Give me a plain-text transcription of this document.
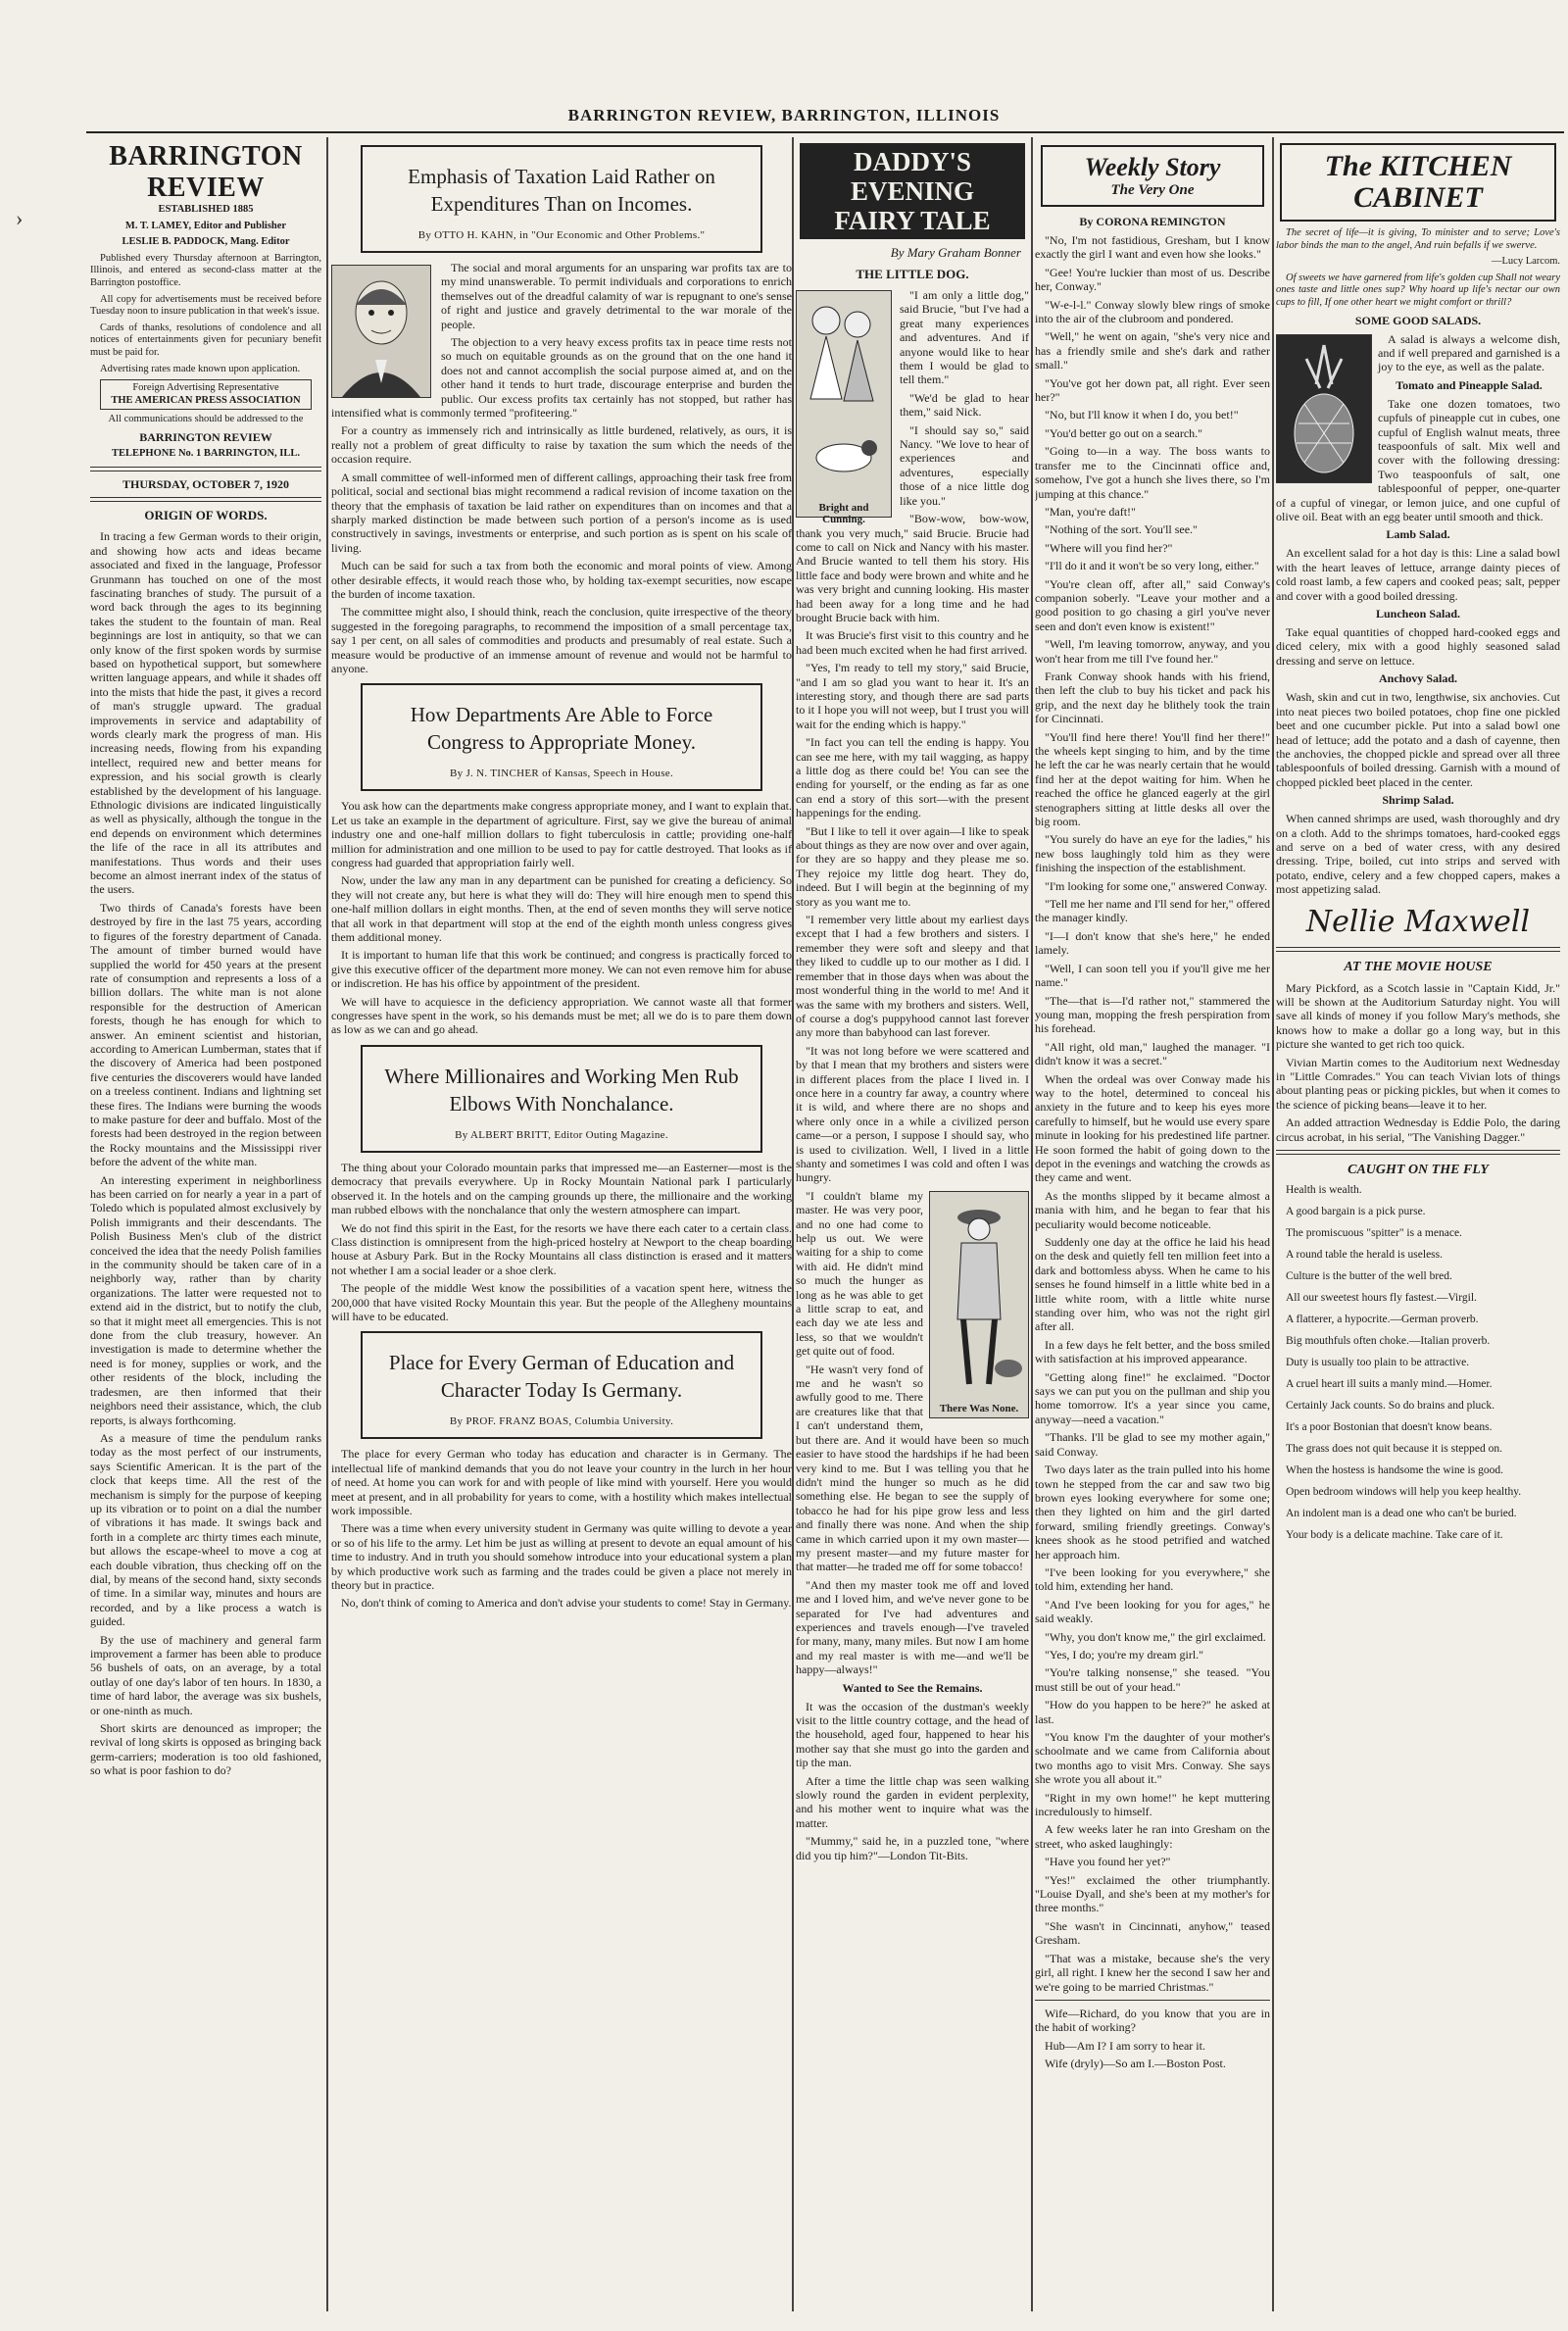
›
BARRINGTON REVIEW, BARRINGTON, ILLINOIS
BARRINGTON REVIEW

ESTABLISHED 1885

M. T. LAMEY, Editor and Publisher

LESLIE B. PADDOCK, Mang. Editor

Published every Thursday afternoon at Barrington, Illinois, and entered as second-class matter at the Barrington postoffice.

All copy for advertisements must be received before Tuesday noon to insure publication in that week's issue.

Cards of thanks, resolutions of condolence and all notices of entertainments given for pecuniary benefit must be paid for.

Advertising rates made known upon application.

Foreign Advertising Representative
THE AMERICAN PRESS ASSOCIATION

All communications should be addressed to the

BARRINGTON REVIEW

TELEPHONE No. 1 BARRINGTON, ILL.

THURSDAY, OCTOBER 7, 1920

ORIGIN OF WORDS.

In tracing a few German words to their origin, and showing how acts and ideas became associated and fixed in the language, Professor Grunmann has touched on one of the most fascinating branches of study. The pursuit of a word back through the ages to its beginning takes the student to the fountain of man. Real beginnings are lost in antiquity, so that we can only know of the first spoken words by surmise based on hypothetical support, but somewhere written language appears, and while it shades off into the mists that hide the past, it gives a record of man's struggle upward. The gradual improvements in service and adaptability of words clearly mark the progress of man. His increasing needs, flowing from his expanding intellect, required new and better means for expression, and his social growth is clearly established by the development of his language. Ethnologic divisions are indicated linguistically as well as physically, although the tongue in the end depends on environment which determines the life of the race in all its attributes and manifestations. Thus words and their uses become an almost inerrant index of the status of the users.

Two thirds of Canada's forests have been destroyed by fire in the last 75 years, according to figures of the forestry department of Canada. The amount of timber burned would have supplied the world for 450 years at the present rate of consumption and represents a loss of a billion dollars. The white man is not alone responsible for the destruction of American forests, though he has enough for which to answer. An eminent scientist and historian, according to American Lumberman, states that if the discovery of America had been postponed five centuries the discoverers would have landed on a treeless continent. Indians and lightning set these fires. The Indians were burning the woods to make pasture for deer and buffalo. Most of the forests had been destroyed in the region between the Rocky mountains and the Mississippi river before the advent of the white man.

An interesting experiment in neighborliness has been carried on for nearly a year in a part of Toledo which is populated almost exclusively by Polish immigrants and their descendants. The Polish Business Men's club of the district conceived the idea that the needy Polish families in the community should be taken care of in a neighborly way, rather than by charity organizations. The latter were requested not to extend aid in the district, but to notify the club, so that it might meet all emergencies. This is not done from the club treasury, however. An investigation is made to determine whether the need is for money, supplies or work, and the other residents of the block, including the tradesmen, are then informed that their neighbors need their assistance, which, the club reports, is always forthcoming.

As a measure of time the pendulum ranks today as the most perfect of our instruments, says Scientific American. It is the part of the clock that keeps time. All the rest of the mechanism is simply for the purpose of keeping up its vibration or to point on a dial the number of vibrations it has made. It swings back and forth in a complete arc thirty times each minute, but allows the escape-wheel to move a cog at each double vibration, thus checking off on the dial, by means of the second hand, sixty seconds of time. In a similar way, minutes and hours are recorded, and by a like process a watch is guided.

By the use of machinery and general farm improvement a farmer has been able to produce 56 bushels of oats, on an average, by a total outlay of one day's labor of ten hours. In 1830, a time of hard labor, the average was six bushels, or one-ninth as much.

Short skirts are denounced as improper; the revival of long skirts is opposed as bringing back germ-carriers; moderation is too old fashioned, so what is poor fashion to do?

Emphasis of Taxation Laid Rather on Expenditures Than on Incomes.
By OTTO H. KAHN, in "Our Economic and Other Problems."

The social and moral arguments for an unsparing war profits tax are to my mind unanswerable. To permit individuals and corporations to enrich themselves out of the dreadful calamity of war is repugnant to one's sense of right and justice and gravely detrimental to the war morale of the people.

The objection to a very heavy excess profits tax in peace time rests not so much on equitable grounds as on the ground that on the one hand it does not and cannot accomplish the social purpose aimed at, and on the other hand it tends to hurt trade, discourage enterprise and burden the public. Our excess profits tax certainly has not stopped, but rather has intensified what is commonly termed "profiteering."

For a country as immensely rich and intrinsically as little burdened, relatively, as ours, it is really not a problem of great difficulty to raise by taxation the sum which the needs of the occasion require.

A small committee of well-informed men of different callings, approaching their task free from political, social and sectional bias might recommend a radical revision of income taxation on the theory that the emphasis of taxation be laid rather on expenditures than on incomes and that a sharply marked distinction be made between such portion of a person's income as is used constructively in savings, investments or enterprise, and such portion as is spent on his scale of living.

Much can be said for such a tax from both the economic and moral points of view. Among other desirable effects, it would reach those who, by holding tax-exempt securities, now escape the burden of income taxation.

The committee might also, I should think, reach the conclusion, quite irrespective of the theory suggested in the foregoing paragraphs, to recommend the imposition of a small percentage tax, say 1 per cent, on all sales of commodities and products and presumably of real estate. Such a measure would be productive of an immense amount of revenue and would not be harmful to anyone.

How Departments Are Able to Force Congress to Appropriate Money.
By J. N. TINCHER of Kansas, Speech in House.

You ask how can the departments make congress appropriate money, and I want to explain that. Let us take an example in the department of agriculture. First, say we give the bureau of animal industry one and one-half million dollars to fight tuberculosis in cattle; providing one-half million for administration and one million to be used to pay for cattle destroyed. That looks as if congress had guarded that appropriation fairly well.

Now, under the law any man in any department can be punished for creating a deficiency. So they will not create any, but here is what they will do: They will hire enough men to spend this one-half million dollars in eight months. Then, at the end of seven months they will serve notice that all work in that department will stop at the end of the eighth month unless congress gives them additional money.

It is important to human life that this work be continued; and congress is practically forced to give this executive officer of the department more money. We can not even remove him for abuse or indiscretion. He has his office by appointment of the president.

We will have to acquiesce in the deficiency appropriation. We cannot waste all that former congresses have spent in the work, so his demands must be met; all we do is to pare them down as low as we can and go ahead.

Where Millionaires and Working Men Rub Elbows With Nonchalance.
By ALBERT BRITT, Editor Outing Magazine.

The thing about your Colorado mountain parks that impressed me—an Easterner—most is the democracy that prevails everywhere. Up in Rocky Mountain National park I particularly observed it. In the hotels and on the camping grounds up there, the millionaire and the working man rubbed elbows with the nonchalance that only the western atmosphere can impart.

We do not find this spirit in the East, for the resorts we have there each cater to a certain class. Class distinction is omnipresent from the high-priced hostelry at Newport to the cheap boarding house at Asbury Park. But in the Rocky Mountains all class distinction is erased and it matters not whether I am a social leader or a shoe clerk.

The people of the middle West know the possibilities of a vacation spent here, witness the 200,000 that have visited Rocky Mountain this year. But the people of the Allegheny mountains will have to be educated.

Place for Every German of Education and Character Today Is Germany.
By PROF. FRANZ BOAS, Columbia University.

The place for every German who today has education and character is in Germany. The intellectual life of mankind demands that you do not leave your country in the lurch in her hour of need. At home you can work for and with people of like mind with yourself. Here you would meet at present, and in all probability for years to come, with a hostility which makes intellectual work impossible.

There was a time when every university student in Germany was quite willing to devote a year or so of his life to the army. Let him be just as willing at present to devote an equal amount of his time to industry. And in truth you should somehow introduce into your educational system a plan by which productive work such as farming and the trades could be given a place not merely in theory but in practice.

No, don't think of coming to America and don't advise your students to come! Stay in Germany.

DADDY'S EVENING
FAIRY TALE
By Mary Graham Bonner
THE LITTLE DOG.
Bright and Cunning.

"I am only a little dog," said Brucie, "but I've had a great many experiences and adventures. And if anyone would like to hear them I would be glad to tell them."

"We'd be glad to hear them," said Nick.

"I should say so," said Nancy. "We love to hear of experiences and adventures, especially those of a nice little dog like you."

"Bow-wow, bow-wow, thank you very much," said Brucie. Brucie had come to call on Nick and Nancy with his master. And Brucie wanted to tell them his story. His little face and body were brown and white and he was very bright and cunning looking. His master had been away for a long time and he had brought Brucie back with him.

It was Brucie's first visit to this country and he had been much excited when he had first arrived.

"Yes, I'm ready to tell my story," said Brucie, "and I am so glad you want to hear it. It's an interesting story, and though there are sad parts to it I hope you will not weep, but I trust you will wait for the ending which is happy."

"In fact you can tell the ending is happy. You can see me here, with my tail wagging, as happy a little dog as there could be! You can see the ending for yourself, or the ending as far as one can end a story of this sort—with the present happenings for the ending.

"But I like to tell it over again—I like to speak about things as they are now over and over again, for they are so happy and they please me so. They rejoice my little dog heart. They do, indeed. But I will begin at the beginning of my story as you want me to.

"I remember very little about my earliest days except that I had a few brothers and sisters. I remember they were soft and sleepy and that they liked to cuddle up to our mother as I did. I remember that in those days when was about the most wonderful thing in the world to me! And it was the same with my brothers and sisters. Well, of course a dog's puppyhood cannot last forever any more than babyhood can last forever.

"It was not long before we were scattered and by that I mean that my brothers and sisters were in different places from the place I lived in. I once here in a country far away, a country where it is wild, and where there are no shops and where only once in a while a civilized person came—or a person, I suppose I should say, who is used to civilization. Well, I lived in a little shanty and sometimes I was cold and often I was hungry.

There Was None.

"I couldn't blame my master. He was very poor, and no one had come to help us out. We were waiting for a ship to come with aid. He didn't mind so much the hunger as long as he was able to get a little scrap to eat, and each day we ate less and less, so that we wouldn't get quite out of food.

"He wasn't very fond of me and he wasn't so awfully good to me. There are creatures like that that I can't understand them, but there are. And it would have been so much easier to have stood the hardships if he had been very kind to me. But I was telling you that he didn't mind the hunger so much as he did something else. He began to see the supply of tobacco he had for his pipe grow less and less and finally there was none. And when the ship came in which carried upon it my own master—my present master—and my future master for that matter—he traded me off for some tobacco!

"And then my master took me off and loved me and I loved him, and we've never gone to be separated for I've had adventures and experiences and travels enough—I've traveled for many, many, many miles. But now I am home and my real master is with me—and we'll be happy—always!"

Wanted to See the Remains.

It was the occasion of the dustman's weekly visit to the little country cottage, and the head of the household, aged four, happened to hear his mother say that she must go into the garden and tip the man.

After a time the little chap was seen walking slowly round the garden in evident perplexity, and his mother went to inquire what was the matter.

"Mummy," said he, in a puzzled tone, "where did you tip him?"—London Tit-Bits.

Weekly Story
The Very One
By CORONA REMINGTON

"No, I'm not fastidious, Gresham, but I know exactly the girl I want and even how she looks."

"Gee! You're luckier than most of us. Describe her, Conway."

"W-e-l-l." Conway slowly blew rings of smoke into the air of the clubroom and pondered.

"Well," he went on again, "she's very nice and has a friendly smile and she's dark and rather small."

"You've got her down pat, all right. Ever seen her?"

"No, but I'll know it when I do, you bet!"

"You'd better go out on a search."

"Going to—in a way. The boss wants to transfer me to the Cincinnati office and, somehow, I've got a hunch she lives there, so I'm jumping at this chance."

"Man, you're daft!"

"Nothing of the sort. You'll see."

"Where will you find her?"

"I'll do it and it won't be so very long, either."

"You're clean off, after all," said Conway's companion soberly. "Leave your mother and a good position to go chasing a girl you've never seen and don't even know is existent!"

"Well, I'm leaving tomorrow, anyway, and you won't hear from me till I've found her."

Frank Conway shook hands with his friend, then left the club to buy his ticket and pack his grip, and the next day he blithely took the train for Cincinnati.

"You'll find here there! You'll find her there!" the wheels kept singing to him, and by the time he left the car he was nearly certain that he would find her at the depot waiting for him. When he reached the office he glanced eagerly at the girl stenographers sitting at little desks all over the big room.

"You surely do have an eye for the ladies," his new boss laughingly told him as they were finishing the inspection of the establishment.

"I'm looking for some one," answered Conway.

"Tell me her name and I'll send for her," offered the manager kindly.

"I—I don't know that she's here," he ended lamely.

"Well, I can soon tell you if you'll give me her name."

"The—that is—I'd rather not," stammered the young man, mopping the fresh perspiration from his forehead.

"All right, old man," laughed the manager. "I didn't know it was a secret."

When the ordeal was over Conway made his way to the hotel, determined to conceal his anxiety in the future and to keep his eyes more carefully to himself, but he would use every spare minute in looking for his predestined life partner. He soon formed the habit of going down to the depot in the evenings and watching the crowds as they came and went.

As the months slipped by it became almost a mania with him, and he began to fear that his peculiarity would become noticeable.

Suddenly one day at the office he laid his head on the desk and quietly fell ten million feet into a dark and bottomless abyss. When he came to his senses he found himself in a little white bed in a little white room, with a little white nurse standing over him, who was not the right girl after all.

In a few days he felt better, and the boss smiled with satisfaction at his improved appearance.

"Getting along fine!" he exclaimed. "Doctor says we can put you on the pullman and ship you home tomorrow. It's a year since you came, anyway—need a vacation."

"Thanks. I'll be glad to see my mother again," said Conway.

Two days later as the train pulled into his home town he stepped from the car and saw two big brown eyes looking everywhere for some one; then they lighted on him and the girl darted forward, smiling friendly greetings. Conway's knees shook as he stood petrified and watched her approach him.

"I've been looking for you everywhere," she told him, extending her hand.

"And I've been looking for you for ages," he said weakly.

"Why, you don't know me," the girl exclaimed.

"Yes, I do; you're my dream girl."

"You're talking nonsense," she teased. "You must still be out of your head."

"How do you happen to be here?" he asked at last.

"You know I'm the daughter of your mother's schoolmate and we came from California about two months ago to visit Mrs. Conway. She says she wrote you all about it."

"Right in my own home!" he kept muttering incredulously to himself.

A few weeks later he ran into Gresham on the street, who asked laughingly:

"Have you found her yet?"

"Yes!" exclaimed the other triumphantly. "Louise Dyall, and she's been at my mother's for three months."

"She wasn't in Cincinnati, anyhow," teased Gresham.

"That was a mistake, because she's the very girl, all right. I knew her the second I saw her and we're going to be married Christmas."

Wife—Richard, do you know that you are in the habit of working?

Hub—Am I? I am sorry to hear it.

Wife (dryly)—So am I.—Boston Post.

The KITCHEN
CABINET

The secret of life—it is giving, To minister and to serve; Love's labor binds the man to the angel, And ruin befalls if we swerve.

—Lucy Larcom.

Of sweets we have garnered from life's golden cup Shall not weary ones taste and little ones sup? Why hoard up life's nectar our own cups to fill, If one other heart we might comfort or thrill?

SOME GOOD SALADS.

A salad is always a welcome dish, and if well prepared and garnished is a joy to the eye, as well as the palate.

Tomato and Pineapple Salad.

Take one dozen tomatoes, two cupfuls of pineapple cut in cubes, one cupful of English walnut meats, three teaspoonfuls of salt. Mix well and cover with the following dressing: Two teaspoonfuls of salt, one tablespoonful of pepper, one-quarter of a cupful of vinegar, or lemon juice, and one cupful of olive oil. Beat with an egg beater until smooth and thick.

Lamb Salad.

An excellent salad for a hot day is this: Line a salad bowl with the heart leaves of lettuce, arrange dainty pieces of cold roast lamb, a few capers and cooked peas; salt, pepper and cover with a good boiled dressing.

Luncheon Salad.

Take equal quantities of chopped hard-cooked eggs and diced celery, mix with a good highly seasoned salad dressing and serve on lettuce.

Anchovy Salad.

Wash, skin and cut in two, lengthwise, six anchovies. Cut into neat pieces two boiled potatoes, chop fine one pickled beet and one cucumber pickle. Put into a salad bowl one head of lettuce; add the potato and a dash of cayenne, then the anchovies, the chopped pickle and spread over all three tablespoonfuls of boiled dressing. Garnish with a mound of chopped pickled beet placed in the center.

Shrimp Salad.

When canned shrimps are used, wash thoroughly and dry on a cloth. Add to the shrimps tomatoes, hard-cooked eggs and serve on a bed of water cress, with any desired dressing. Tripe, boiled, cut into strips and served with potato, endive, celery and a few chopped capers, makes a most appetizing salad.

Nellie Maxwell
AT THE MOVIE HOUSE

Mary Pickford, as a Scotch lassie in "Captain Kidd, Jr." will be shown at the Auditorium Saturday night. You will save all kinds of money if you follow Mary's methods, she knows how to make a dollar go a long way, but in this picture she wanted to get rich too quick.

Vivian Martin comes to the Auditorium next Wednesday in "Little Comrades." You can teach Vivian lots of things about planting peas or picking pickles, but when it comes to the science of picking beans—leave it to her.

An added attraction Wednesday is Eddie Polo, the daring circus acrobat, in his serial, "The Vanishing Dagger."

CAUGHT ON THE FLY

Health is wealth.

A good bargain is a pick purse.

The promiscuous "spitter" is a menace.

A round table the herald is useless.

Culture is the butter of the well bred.

All our sweetest hours fly fastest.—Virgil.

A flatterer, a hypocrite.—German proverb.

Big mouthfuls often choke.—Italian proverb.

Duty is usually too plain to be attractive.

A cruel heart ill suits a manly mind.—Homer.

Certainly Jack counts. So do brains and pluck.

It's a poor Bostonian that doesn't know beans.

The grass does not quit because it is stepped on.

When the hostess is handsome the wine is good.

Open bedroom windows will help you keep healthy.

An indolent man is a dead one who can't be buried.

Your body is a delicate machine. Take care of it.
